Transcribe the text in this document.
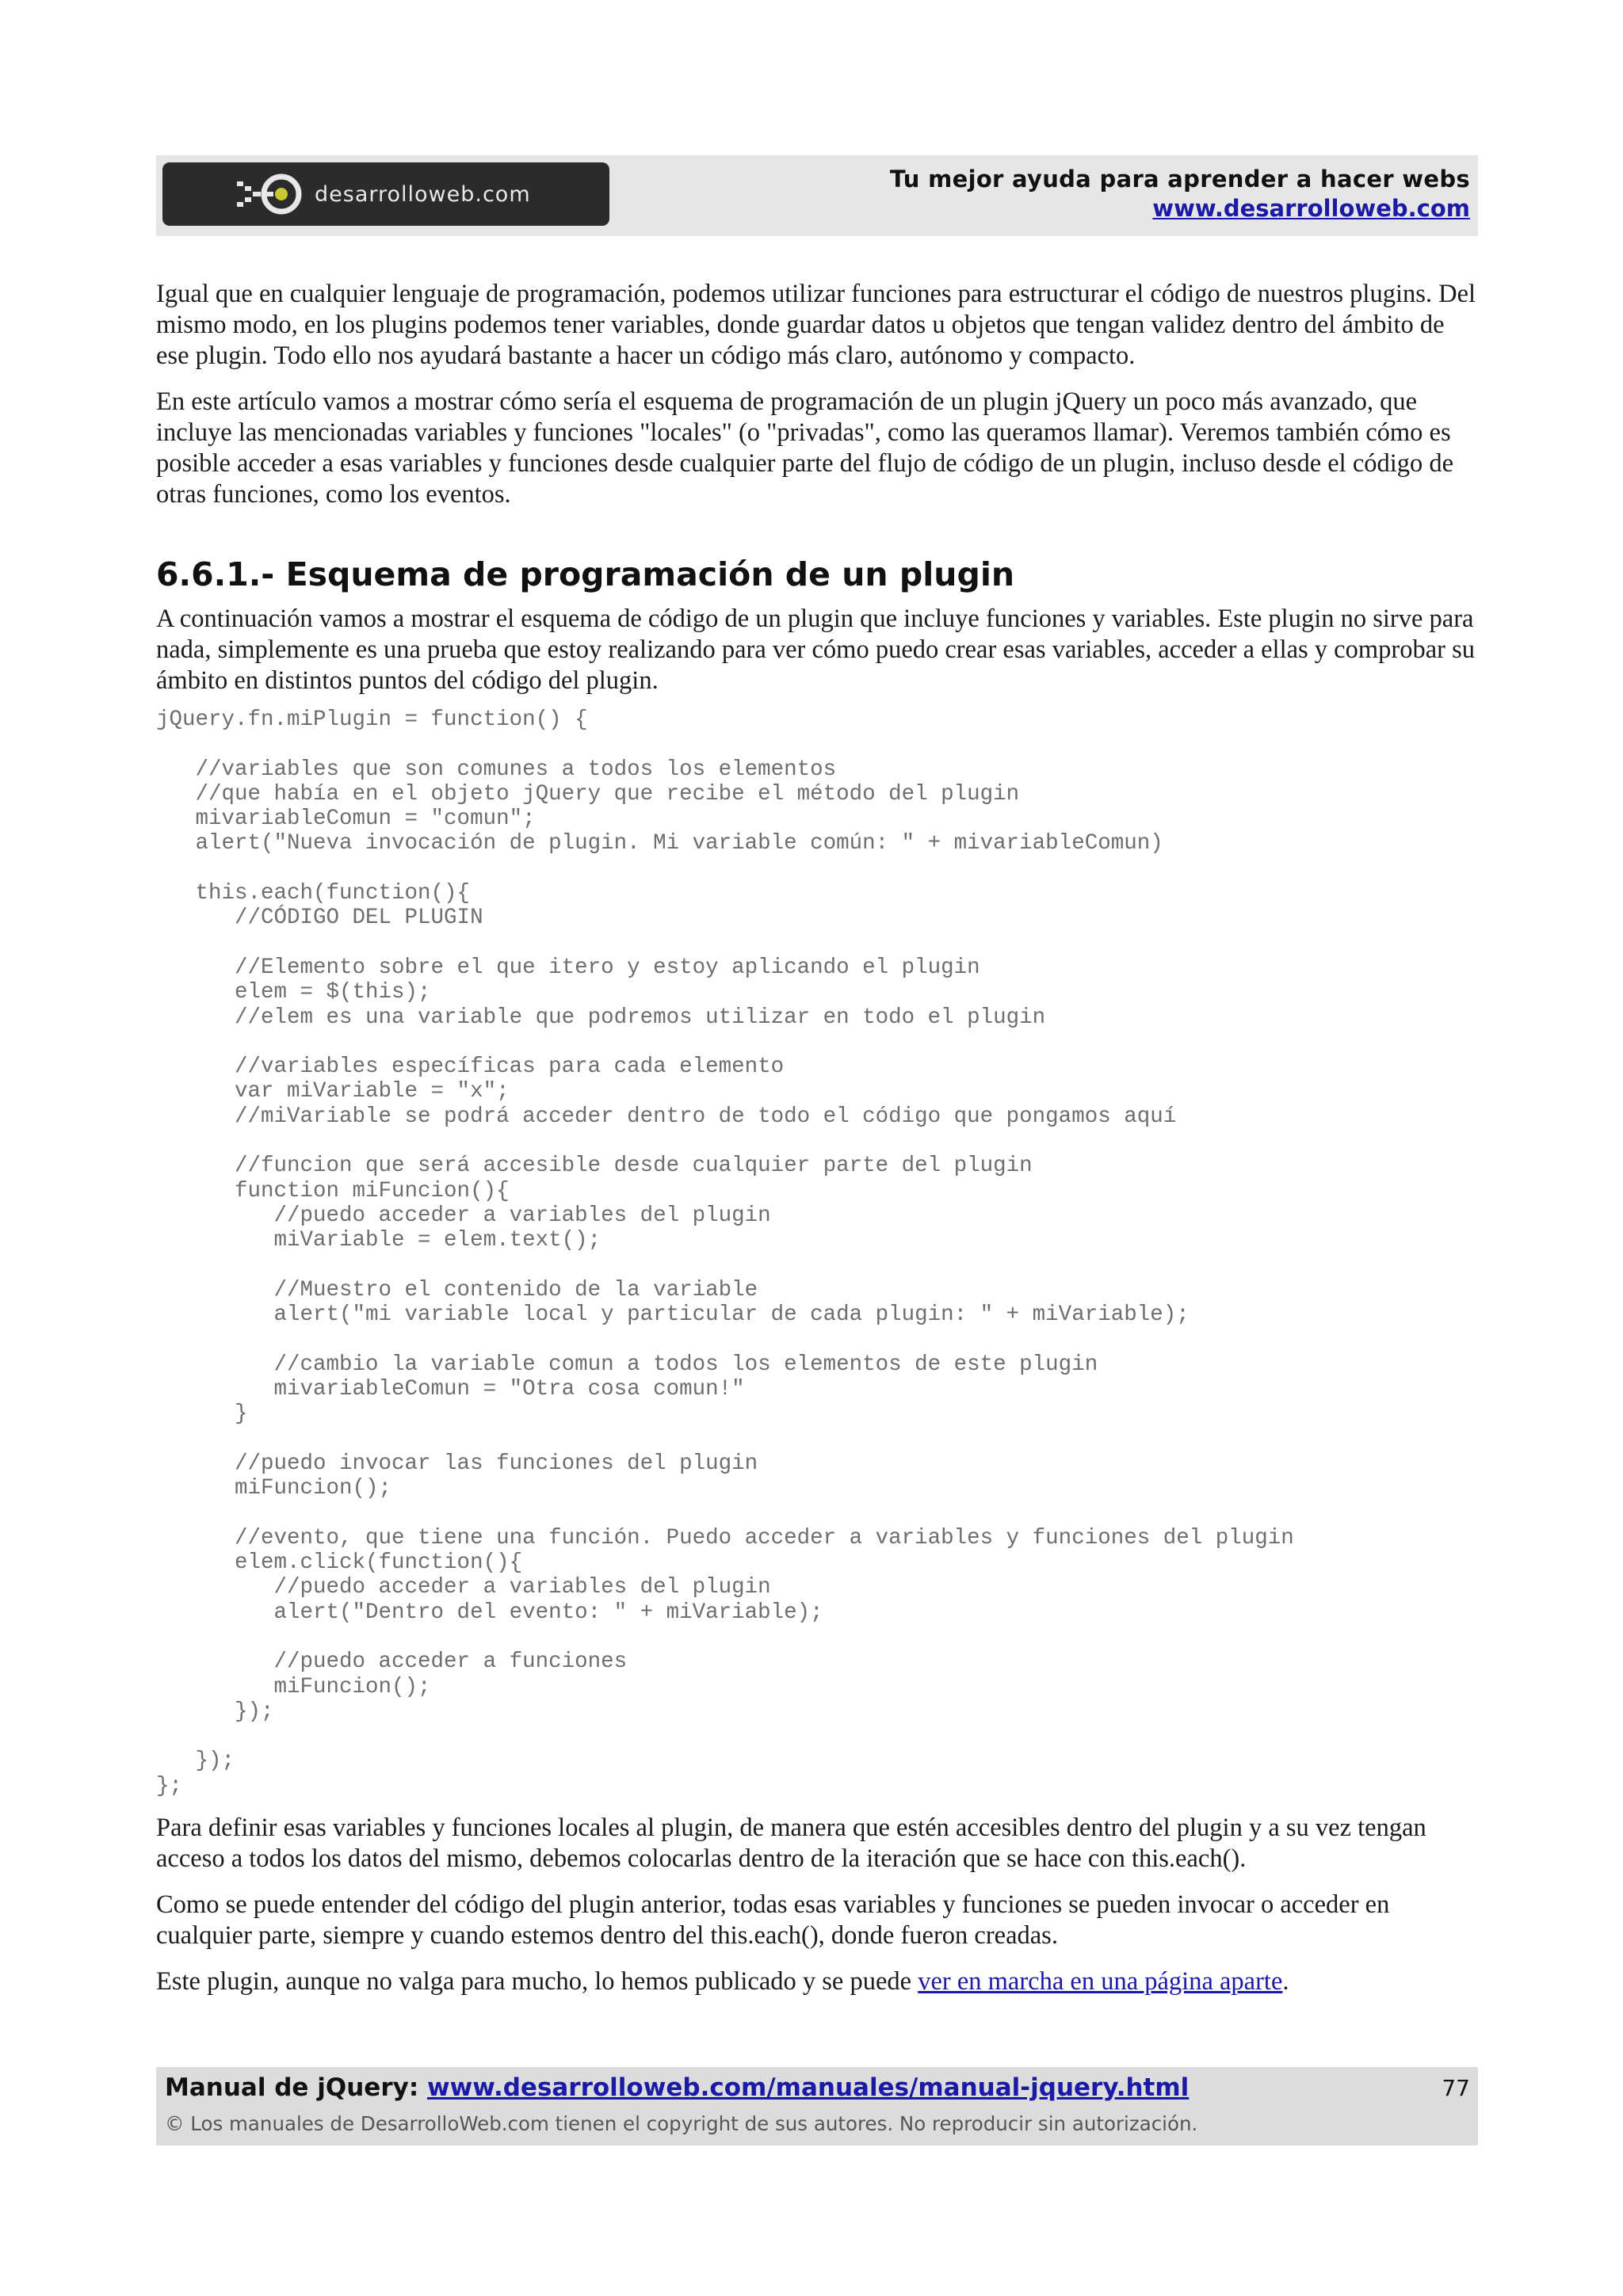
desarrolloweb.com
Tu mejor ayuda para aprender a hacer webs
www.desarrolloweb.com

Igual que en cualquier lenguaje de programación, podemos utilizar funciones para estructurar el código de nuestros plugins. Del mismo modo, en los plugins podemos tener variables, donde guardar datos u objetos que tengan validez dentro del ámbito de ese plugin. Todo ello nos ayudará bastante a hacer un código más claro, autónomo y compacto.

En este artículo vamos a mostrar cómo sería el esquema de programación de un plugin jQuery un poco más avanzado, que incluye las mencionadas variables y funciones "locales" (o "privadas", como las queramos llamar). Veremos también cómo es posible acceder a esas variables y funciones desde cualquier parte del flujo de código de un plugin, incluso desde el código de otras funciones, como los eventos.

6.6.1.- Esquema de programación de un plugin

A continuación vamos a mostrar el esquema de código de un plugin que incluye funciones y variables. Este plugin no sirve para nada, simplemente es una prueba que estoy realizando para ver cómo puedo crear esas variables, acceder a ellas y comprobar su ámbito en distintos puntos del código del plugin.

jQuery.fn.miPlugin = function() {

//variables que son comunes a todos los elementos
//que había en el objeto jQuery que recibe el método del plugin
mivariableComun = "comun";
alert("Nueva invocación de plugin. Mi variable común: " + mivariableComun)

this.each(function(){
//CÓDIGO DEL PLUGIN

//Elemento sobre el que itero y estoy aplicando el plugin
elem = $(this);
//elem es una variable que podremos utilizar en todo el plugin

//variables específicas para cada elemento
var miVariable = "x";
//miVariable se podrá acceder dentro de todo el código que pongamos aquí

//funcion que será accesible desde cualquier parte del plugin
function miFuncion(){
//puedo acceder a variables del plugin
miVariable = elem.text();

//Muestro el contenido de la variable
alert("mi variable local y particular de cada plugin: " + miVariable);

//cambio la variable comun a todos los elementos de este plugin
mivariableComun = "Otra cosa comun!"
}

//puedo invocar las funciones del plugin
miFuncion();

//evento, que tiene una función. Puedo acceder a variables y funciones del plugin
elem.click(function(){
//puedo acceder a variables del plugin
alert("Dentro del evento: " + miVariable);

//puedo acceder a funciones
miFuncion();
});

});
};

Para definir esas variables y funciones locales al plugin, de manera que estén accesibles dentro del plugin y a su vez tengan acceso a todos los datos del mismo, debemos colocarlas dentro de la iteración que se hace con this.each().

Como se puede entender del código del plugin anterior, todas esas variables y funciones se pueden invocar o acceder en cualquier parte, siempre y cuando estemos dentro del this.each(), donde fueron creadas.

Este plugin, aunque no valga para mucho, lo hemos publicado y se puede ver en marcha en una página aparte.

Manual de jQuery: www.desarrolloweb.com/manuales/manual-jquery.html	77
© Los manuales de DesarrolloWeb.com tienen el copyright de sus autores. No reproducir sin autorización.
